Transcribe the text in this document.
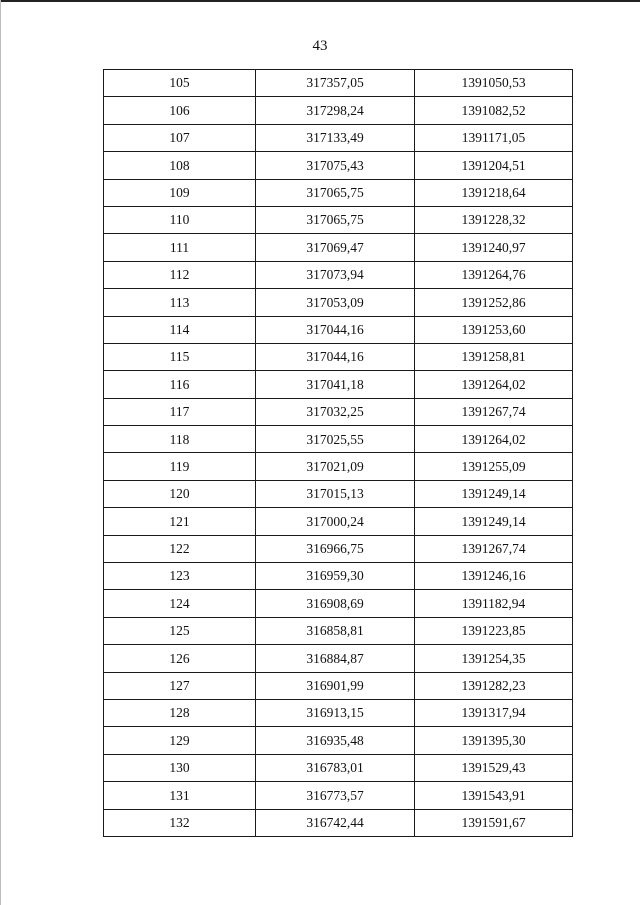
43
105	317357,05	1391050,53
106	317298,24	1391082,52
107	317133,49	1391171,05
108	317075,43	1391204,51
109	317065,75	1391218,64
110	317065,75	1391228,32
111	317069,47	1391240,97
112	317073,94	1391264,76
113	317053,09	1391252,86
114	317044,16	1391253,60
115	317044,16	1391258,81
116	317041,18	1391264,02
117	317032,25	1391267,74
118	317025,55	1391264,02
119	317021,09	1391255,09
120	317015,13	1391249,14
121	317000,24	1391249,14
122	316966,75	1391267,74
123	316959,30	1391246,16
124	316908,69	1391182,94
125	316858,81	1391223,85
126	316884,87	1391254,35
127	316901,99	1391282,23
128	316913,15	1391317,94
129	316935,48	1391395,30
130	316783,01	1391529,43
131	316773,57	1391543,91
132	316742,44	1391591,67
